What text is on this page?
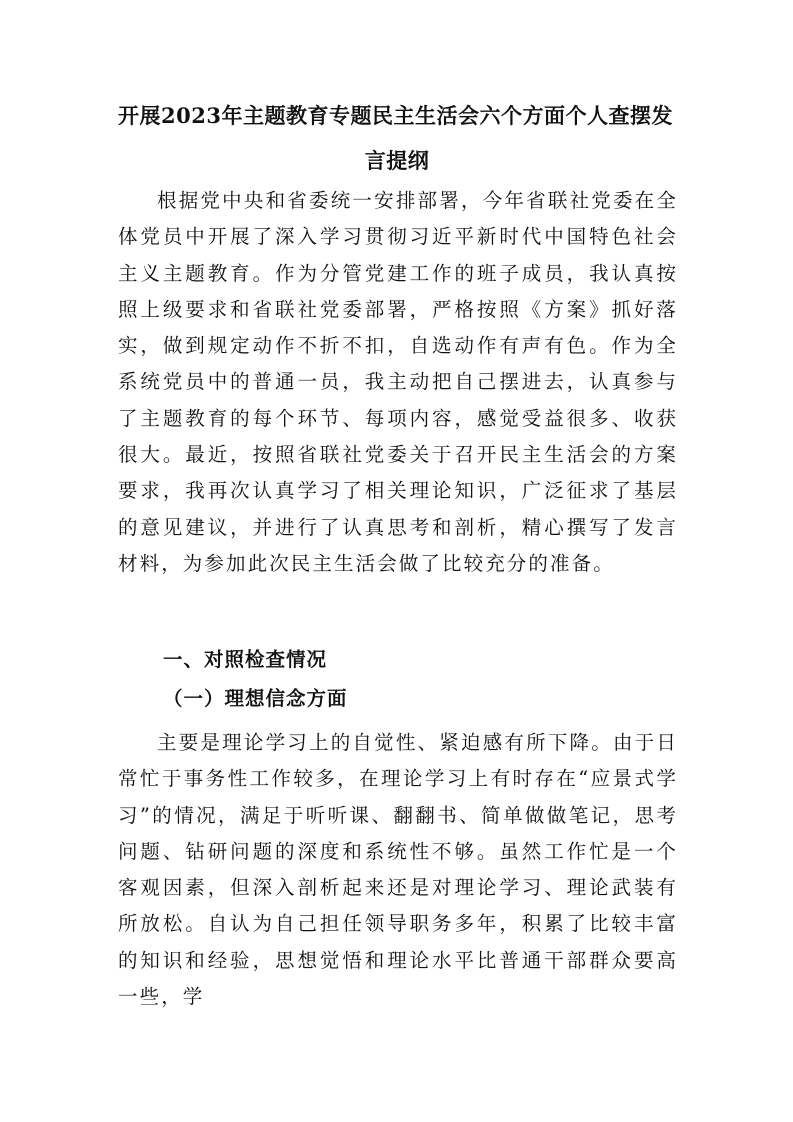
开展2023年主题教育专题民主生活会六个方面个人查摆发
言提纲
根据党中央和省委统一安排部署，今年省联社党委在全体党员中开展了深入学习贯彻习近平新时代中国特色社会主义主题教育。作为分管党建工作的班子成员，我认真按照上级要求和省联社党委部署，严格按照《方案》抓好落实，做到规定动作不折不扣，自选动作有声有色。作为全系统党员中的普通一员，我主动把自己摆进去，认真参与了主题教育的每个环节、每项内容，感觉受益很多、收获很大。最近，按照省联社党委关于召开民主生活会的方案要求，我再次认真学习了相关理论知识，广泛征求了基层的意见建议，并进行了认真思考和剖析，精心撰写了发言材料，为参加此次民主生活会做了比较充分的准备。
一、对照检查情况
（一）理想信念方面
主要是理论学习上的自觉性、紧迫感有所下降。由于日常忙于事务性工作较多，在理论学习上有时存在“应景式学习”的情况，满足于听听课、翻翻书、简单做做笔记，思考问题、钻研问题的深度和系统性不够。虽然工作忙是一个客观因素，但深入剖析起来还是对理论学习、理论武装有所放松。自认为自己担任领导职务多年，积累了比较丰富的知识和经验，思想觉悟和理论水平比普通干部群众要高一些，学
